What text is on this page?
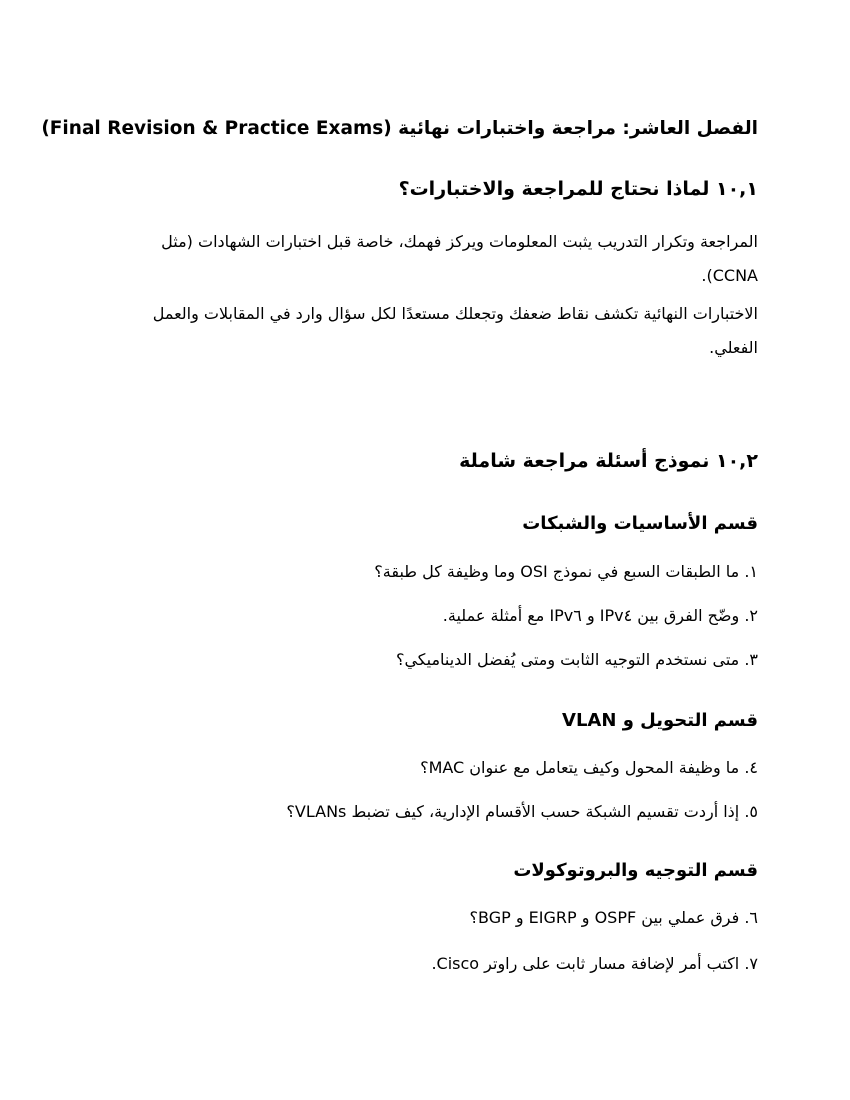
الفصل العاشر: مراجعة واختبارات نهائية (Final Revision & Practice Exams)
١٠,١ لماذا نحتاج للمراجعة والاختبارات؟
المراجعة وتكرار التدريب يثبت المعلومات ويركز فهمك، خاصة قبل اختبارات الشهادات (مثل CCNA).
الاختبارات النهائية تكشف نقاط ضعفك وتجعلك مستعدًا لكل سؤال وارد في المقابلات والعمل الفعلي.
١٠,٢ نموذج أسئلة مراجعة شاملة
قسم الأساسيات والشبكات
١. ما الطبقات السبع في نموذج OSI وما وظيفة كل طبقة؟
٢. وضّح الفرق بين IPv٤ و IPv٦ مع أمثلة عملية.
٣. متى نستخدم التوجيه الثابت ومتى يُفضل الديناميكي؟
قسم التحويل و VLAN
٤. ما وظيفة المحول وكيف يتعامل مع عنوان MAC؟
٥. إذا أردت تقسيم الشبكة حسب الأقسام الإدارية، كيف تضبط VLANs؟
قسم التوجيه والبروتوكولات
٦. فرق عملي بين OSPF و EIGRP و BGP؟
٧. اكتب أمر لإضافة مسار ثابت على راوتر Cisco.
